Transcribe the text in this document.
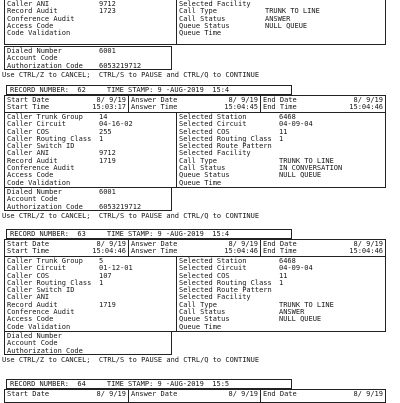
Caller ANI	9712
Record Audit	1723
Conference Audit
Access Code
Code Validation
Selected Facility
Call Type	TRUNK TO LINE
Call Status	ANSWER
Queue Status	NULL QUEUE
Queue Time
Dialed Number	6001
Account Code
Authorization Code	6053219712
Use CTRL/Z to CANCEL;  CTRL/S to PAUSE and CTRL/Q to CONTINUE
RECORD NUMBER:  62     TIME STAMP: 9 -AUG-2019  15:4
Start Date	8/ 9/19
Start Time	15:03:17
Answer Date	8/ 9/19
Answer Time	15:04:45
End Date	8/ 9/19
End Time	15:04:46
Caller Trunk Group	14
Caller Circuit	04-16-02
Caller COS	255
Caller Routing Class	1
Caller Switch ID
Caller ANI	9712
Record Audit	1719
Conference Audit
Access Code
Code Validation
Selected Station	6468
Selected Circuit	04-09-04
Selected COS	11
Selected Routing Class	1
Selected Route Pattern
Selected Facility
Call Type	TRUNK TO LINE
Call Status	IN CONVERSATION
Queue Status	NULL QUEUE
Queue Time
Dialed Number	6001
Account Code
Authorization Code	6053219712
Use CTRL/Z to CANCEL;  CTRL/S to PAUSE and CTRL/Q to CONTINUE
RECORD NUMBER:  63     TIME STAMP: 9 -AUG-2019  15:4
Start Date	8/ 9/19
Start Time	15:04:46
Answer Date	8/ 9/19
Answer Time	15:04:46
End Date	8/ 9/19
End Time	15:04:46
Caller Trunk Group	5
Caller Circuit	01-12-01
Caller COS	107
Caller Routing Class	1
Caller Switch ID
Caller ANI
Record Audit	1719
Conference Audit
Access Code
Code Validation
Selected Station	6468
Selected Circuit	04-09-04
Selected COS	11
Selected Routing Class	1
Selected Route Pattern
Selected Facility
Call Type	TRUNK TO LINE
Call Status	ANSWER
Queue Status	NULL QUEUE
Queue Time
Dialed Number
Account Code
Authorization Code
Use CTRL/Z to CANCEL;  CTRL/S to PAUSE and CTRL/Q to CONTINUE
RECORD NUMBER:  64     TIME STAMP: 9 -AUG-2019  15:5
Start Date	8/ 9/19 Answer Date	8/ 9/19 End Date	8/ 9/19
